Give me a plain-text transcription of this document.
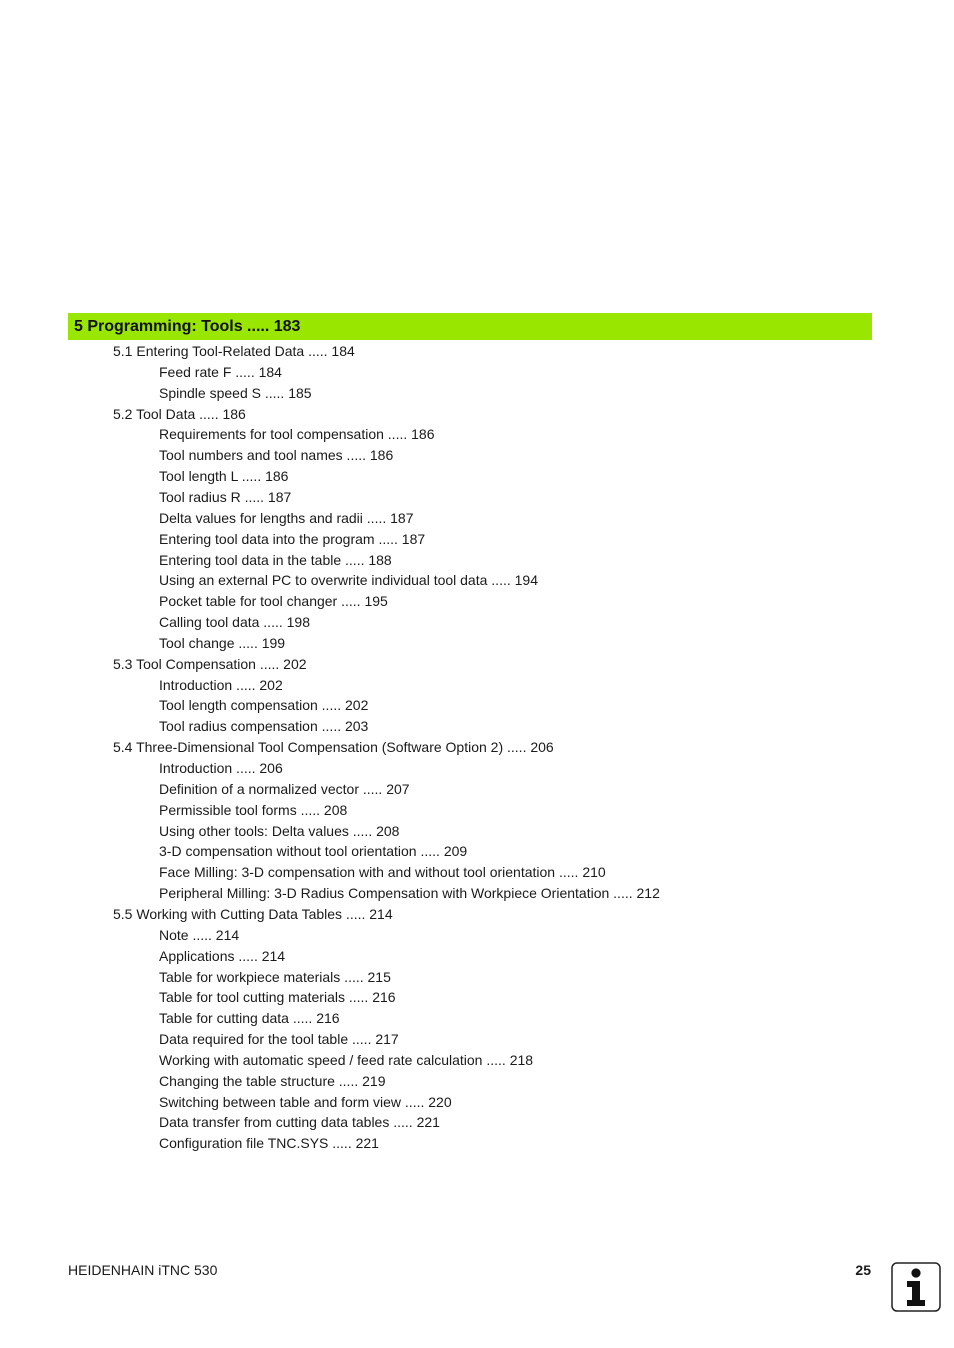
5 Programming: Tools ..... 183
5.1 Entering Tool-Related Data ..... 184
Feed rate F ..... 184
Spindle speed S ..... 185
5.2 Tool Data ..... 186
Requirements for tool compensation ..... 186
Tool numbers and tool names ..... 186
Tool length L ..... 186
Tool radius R ..... 187
Delta values for lengths and radii ..... 187
Entering tool data into the program ..... 187
Entering tool data in the table ..... 188
Using an external PC to overwrite individual tool data ..... 194
Pocket table for tool changer ..... 195
Calling tool data ..... 198
Tool change ..... 199
5.3 Tool Compensation ..... 202
Introduction ..... 202
Tool length compensation ..... 202
Tool radius compensation ..... 203
5.4 Three-Dimensional Tool Compensation (Software Option 2) ..... 206
Introduction ..... 206
Definition of a normalized vector ..... 207
Permissible tool forms ..... 208
Using other tools: Delta values ..... 208
3-D compensation without tool orientation ..... 209
Face Milling: 3-D compensation with and without tool orientation ..... 210
Peripheral Milling: 3-D Radius Compensation with Workpiece Orientation ..... 212
5.5 Working with Cutting Data Tables ..... 214
Note ..... 214
Applications ..... 214
Table for workpiece materials ..... 215
Table for tool cutting materials ..... 216
Table for cutting data ..... 216
Data required for the tool table ..... 217
Working with automatic speed / feed rate calculation ..... 218
Changing the table structure ..... 219
Switching between table and form view ..... 220
Data transfer from cutting data tables ..... 221
Configuration file TNC.SYS ..... 221
HEIDENHAIN iTNC 530	25
